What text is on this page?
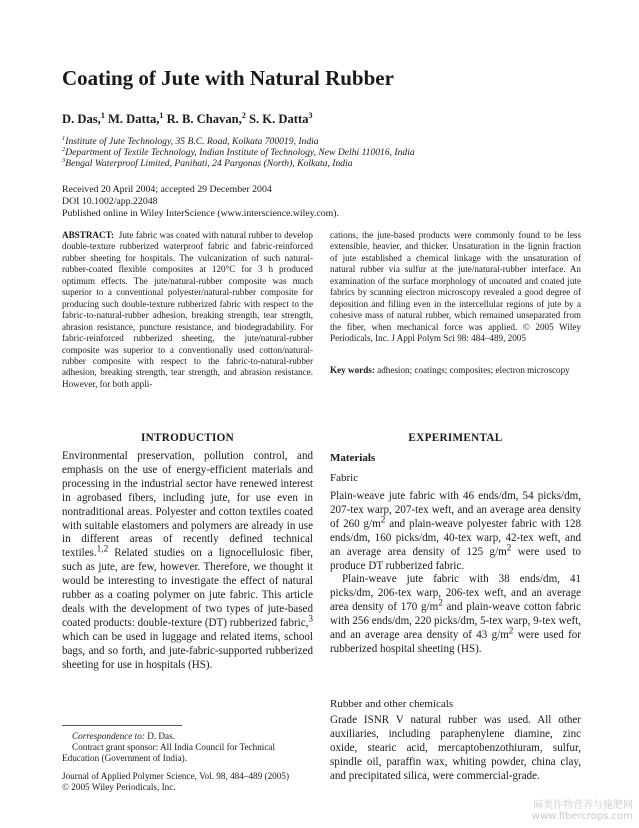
Coating of Jute with Natural Rubber
D. Das,$^1$ M. Datta,$^1$ R. B. Chavan,$^2$ S. K. Datta$^3$
$^1$Institute of Jute Technology, 35 B.C. Road, Kolkata 700019, India
$^2$Department of Textile Technology, Indian Institute of Technology, New Delhi 110016, India
$^3$Bengal Waterproof Limited, Panihati, 24 Pargonas (North), Kolkata, India
Received 20 April 2004; accepted 29 December 2004
DOI 10.1002/app.22048
Published online in Wiley InterScience (www.interscience.wiley.com).
ABSTRACT: Jute fabric was coated with natural rubber to develop double-texture rubberized waterproof fabric and fabric-reinforced rubber sheeting for hospitals. The vulcanization of such natural-rubber-coated flexible composites at 120°C for 3 h produced optimum effects. The jute/natural-rubber composite was much superior to a conventional polyester/natural-rubber composite for producing such double-texture rubberized fabric with respect to the fabric-to-natural-rubber adhesion, breaking strength, tear strength, abrasion resistance, puncture resistance, and biodegradability. For fabric-reinforced rubberized sheeting, the jute/natural-rubber composite was superior to a conventionally used cotton/natural-rubber composite with respect to the fabric-to-natural-rubber adhesion, breaking strength, tear strength, and abrasion resistance. However, for both appli-
cations, the jute-based products were commonly found to be less extensible, heavier, and thicker. Unsaturation in the lignin fraction of jute established a chemical linkage with the unsaturation of natural rubber via sulfur at the jute/natural-rubber interface. An examination of the surface morphology of uncoated and coated jute fabrics by scanning electron microscopy revealed a good degree of deposition and filling even in the intercellular regions of jute by a cohesive mass of natural rubber, which remained unseparated from the fiber, when mechanical force was applied. © 2005 Wiley Periodicals, Inc. J Appl Polym Sci 98: 484–489, 2005
Key words: adhesion; coatings; composites; electron microscopy
INTRODUCTION

Environmental preservation, pollution control, and emphasis on the use of energy-efficient materials and processing in the industrial sector have renewed interest in agrobased fibers, including jute, for use even in nontraditional areas. Polyester and cotton textiles coated with suitable elastomers and polymers are already in use in different areas of recently defined technical textiles.$^{1,2}$ Related studies on a lignocellulosic fiber, such as jute, are few, however. Therefore, we thought it would be interesting to investigate the effect of natural rubber as a coating polymer on jute fabric. This article deals with the development of two types of jute-based coated products: double-texture (DT) rubberized fabric,$^3$ which can be used in luggage and related items, school bags, and so forth, and jute-fabric-supported rubberized sheeting for use in hospitals (HS).

EXPERIMENTAL
Materials
Fabric

Plain-weave jute fabric with 46 ends/dm, 54 picks/dm, 207-tex warp, 207-tex weft, and an average area density of 260 $g/m^2$ and plain-weave polyester fabric with 128 ends/dm, 160 picks/dm, 40-tex warp, 42-tex weft, and an average area density of 125 $g/m^2$ were used to produce DT rubberized fabric.

Plain-weave jute fabric with 38 ends/dm, 41 picks/dm, 206-tex warp, 206-tex weft, and an average area density of 170 $g/m^2$ and plain-weave cotton fabric with 256 ends/dm, 220 picks/dm, 5-tex warp, 9-tex weft, and an average area density of 43 $g/m^2$ were used for rubberized hospital sheeting (HS).

Rubber and other chemicals

Grade ISNR V natural rubber was used. All other auxiliaries, including paraphenylene diamine, zinc oxide, stearic acid, mercaptobenzothiuram, sulfur, spindle oil, paraffin wax, whiting powder, china clay, and precipitated silica, were commercial-grade.

Correspondence to: D. Das.
Contract grant sponsor: All India Council for Technical Education (Government of India).
Journal of Applied Polymer Science, Vol. 98, 484–489 (2005)
© 2005 Wiley Periodicals, Inc.
麻类作物营养与施肥网
www.fibercrops.com
